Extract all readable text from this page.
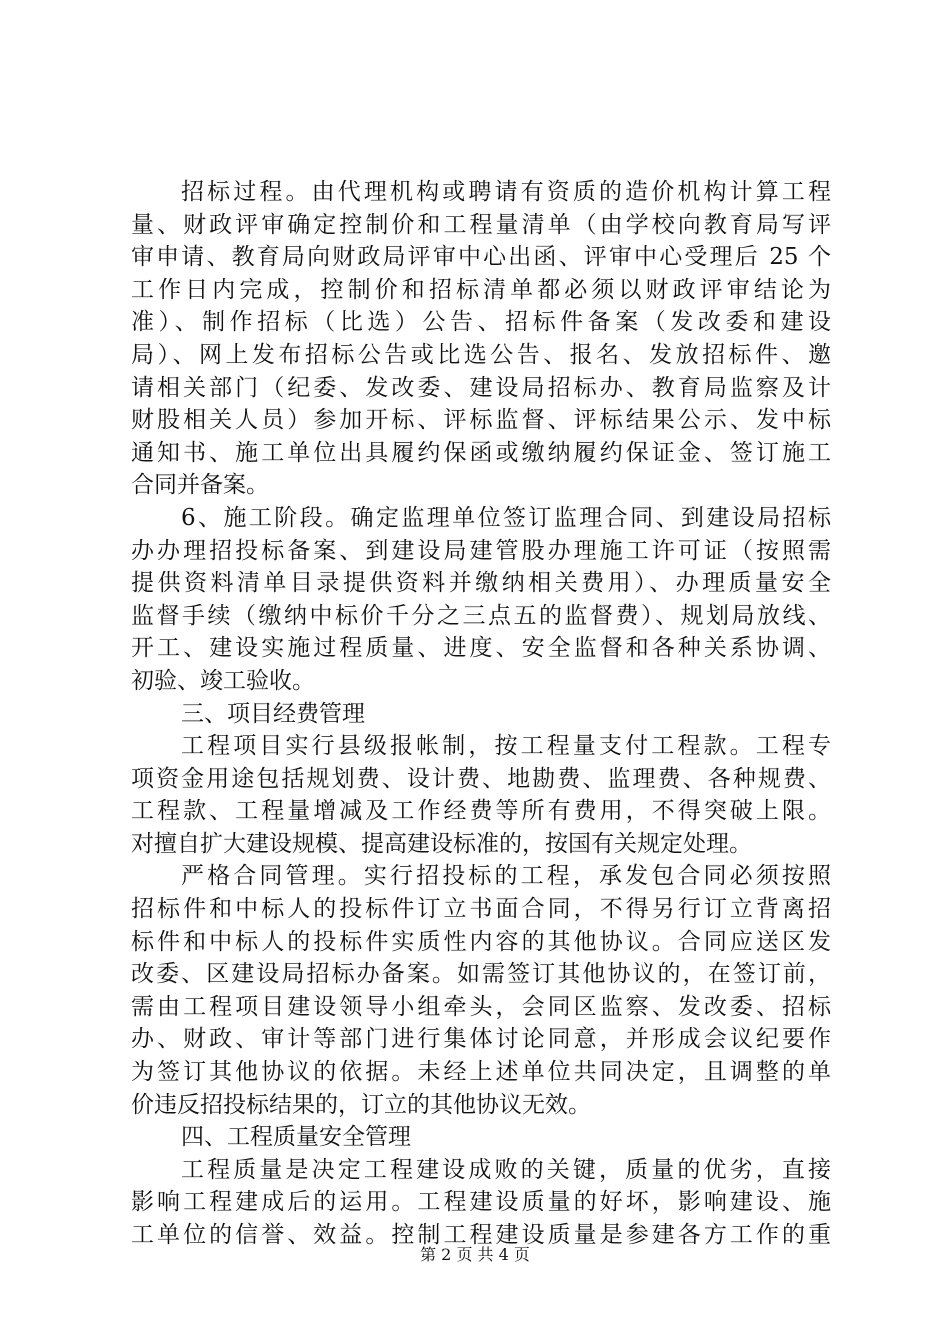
招标过程。由代理机构或聘请有资质的造价机构计算工程
量、财政评审确定控制价和工程量清单（由学校向教育局写评
审申请、教育局向财政局评审中心出函、评审中心受理后 25 个
工作日内完成，控制价和招标清单都必须以财政评审结论为
准）、制作招标（比选）公告、招标件备案（发改委和建设
局）、网上发布招标公告或比选公告、报名、发放招标件、邀
请相关部门（纪委、发改委、建设局招标办、教育局监察及计
财股相关人员）参加开标、评标监督、评标结果公示、发中标
通知书、施工单位出具履约保函或缴纳履约保证金、签订施工
合同并备案。
6、施工阶段。确定监理单位签订监理合同、到建设局招标
办办理招投标备案、到建设局建管股办理施工许可证（按照需
提供资料清单目录提供资料并缴纳相关费用）、办理质量安全
监督手续（缴纳中标价千分之三点五的监督费）、规划局放线、
开工、建设实施过程质量、进度、安全监督和各种关系协调、
初验、竣工验收。
三、项目经费管理
工程项目实行县级报帐制，按工程量支付工程款。工程专
项资金用途包括规划费、设计费、地勘费、监理费、各种规费、
工程款、工程量增减及工作经费等所有费用，不得突破上限。
对擅自扩大建设规模、提高建设标准的，按国有关规定处理。
严格合同管理。实行招投标的工程，承发包合同必须按照
招标件和中标人的投标件订立书面合同，不得另行订立背离招
标件和中标人的投标件实质性内容的其他协议。合同应送区发
改委、区建设局招标办备案。如需签订其他协议的，在签订前，
需由工程项目建设领导小组牵头，会同区监察、发改委、招标
办、财政、审计等部门进行集体讨论同意，并形成会议纪要作
为签订其他协议的依据。未经上述单位共同决定，且调整的单
价违反招投标结果的，订立的其他协议无效。
四、工程质量安全管理
工程质量是决定工程建设成败的关键，质量的优劣，直接
影响工程建成后的运用。工程建设质量的好坏，影响建设、施
工单位的信誉、效益。控制工程建设质量是参建各方工作的重
第 2 页 共 4 页
